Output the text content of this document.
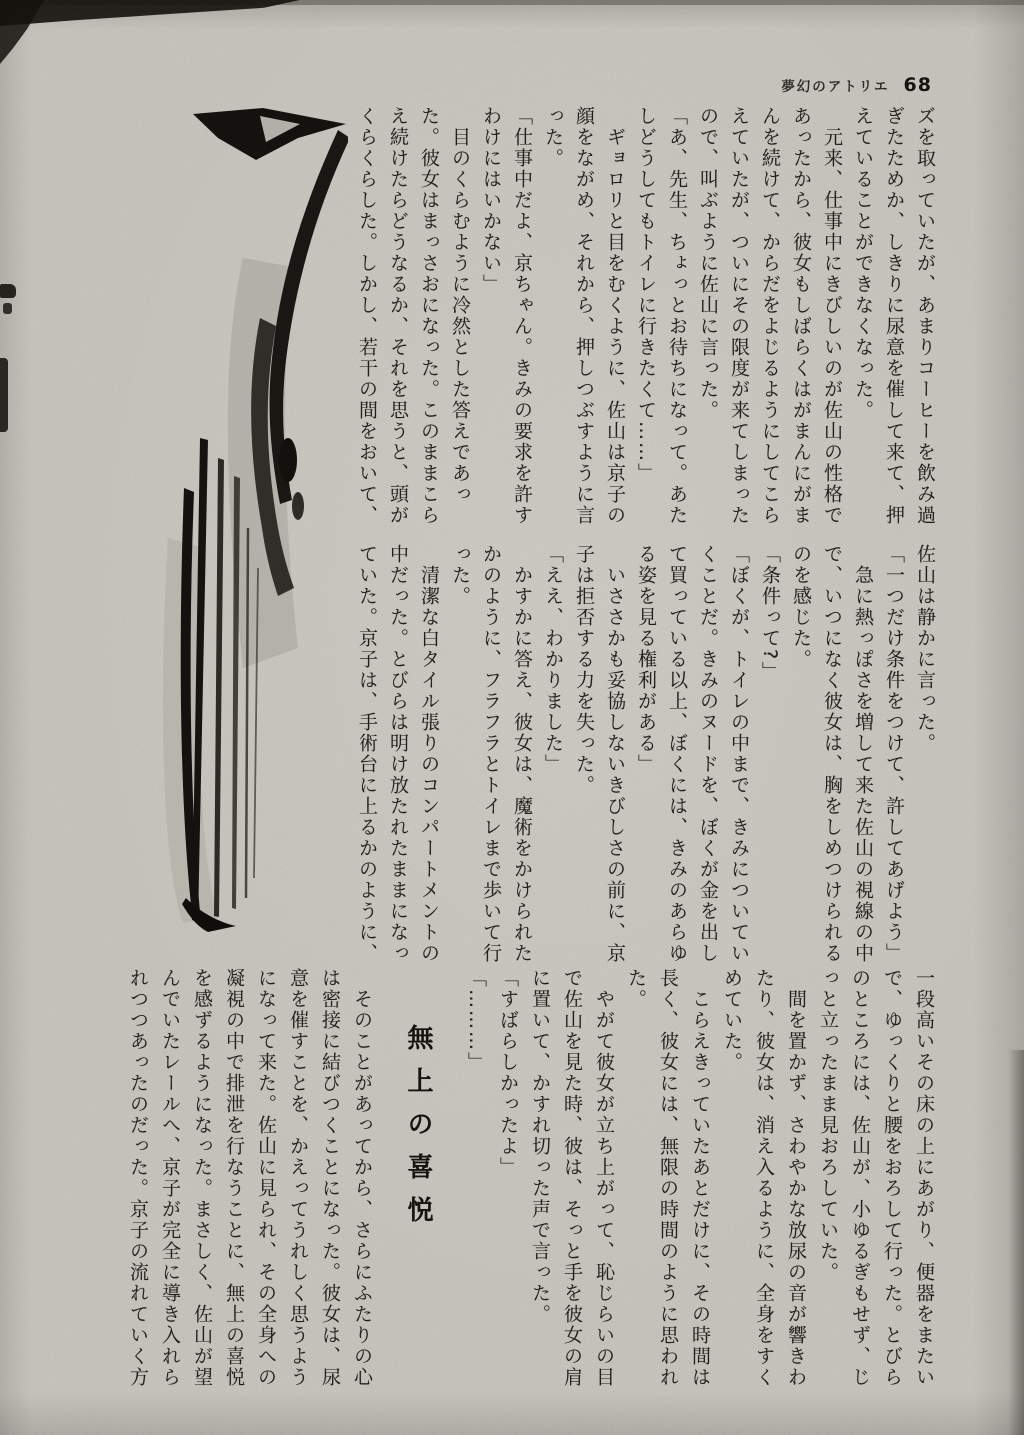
夢幻のアトリエ 68

ズを取っていたが、あまりコーヒーを飲み過

ぎたためか、しきりに尿意を催して来て、押

えていることができなくなった。

　元来、仕事中にきびしいのが佐山の性格で

あったから、彼女もしばらくはがまんにがま

んを続けて、からだをよじるようにしてこら

えていたが、ついにその限度が来てしまった

ので、叫ぶように佐山に言った。

「あ、先生、ちょっとお待ちになって。あた

しどうしてもトイレに行きたくて……」

　ギョロリと目をむくように、佐山は京子の

顔をながめ、それから、押しつぶすように言

った。

「仕事中だよ、京ちゃん。きみの要求を許す

わけにはいかない」

　目のくらむように冷然とした答えであっ

た。彼女はまっさおになった。このままこら

え続けたらどうなるか、それを思うと、頭が

くらくらした。しかし、若干の間をおいて、

佐山は静かに言った。

「一つだけ条件をつけて、許してあげよう」

　急に熱っぽさを増して来た佐山の視線の中

で、いつになく彼女は、胸をしめつけられる

のを感じた。

「条件って?」

「ぼくが、トイレの中まで、きみについてい

くことだ。きみのヌードを、ぼくが金を出し

て買っている以上、ぼくには、きみのあらゆ

る姿を見る権利がある」

　いささかも妥協しないきびしさの前に、京

子は拒否する力を失った。

「ええ、わかりました」

　かすかに答え、彼女は、魔術をかけられた

かのように、フラフラとトイレまで歩いて行

った。

　清潔な白タイル張りのコンパートメントの

中だった。とびらは明け放たれたままになっ

ていた。京子は、手術台に上るかのように、

一段高いその床の上にあがり、便器をまたい

で、ゆっくりと腰をおろして行った。とびら

のところには、佐山が、小ゆるぎもせず、じ

っと立ったまま見おろしていた。

　間を置かず、さわやかな放尿の音が響きわ

たり、彼女は、消え入るように、全身をすく

めていた。

　こらえきっていたあとだけに、その時間は

長く、彼女には、無限の時間のように思われ

た。

　やがて彼女が立ち上がって、恥じらいの目

で佐山を見た時、彼は、そっと手を彼女の肩

に置いて、かすれ切った声で言った。

「すばらしかったよ」

「………」

無上の喜悦

　そのことがあってから、さらにふたりの心

は密接に結びつくことになった。彼女は、尿

意を催すことを、かえってうれしく思うよう

になって来た。佐山に見られ、その全身への

凝視の中で排泄を行なうことに、無上の喜悦

を感ずるようになった。まさしく、佐山が望

んでいたレールへ、京子が完全に導き入れら

れつつあったのだった。京子の流れていく方
